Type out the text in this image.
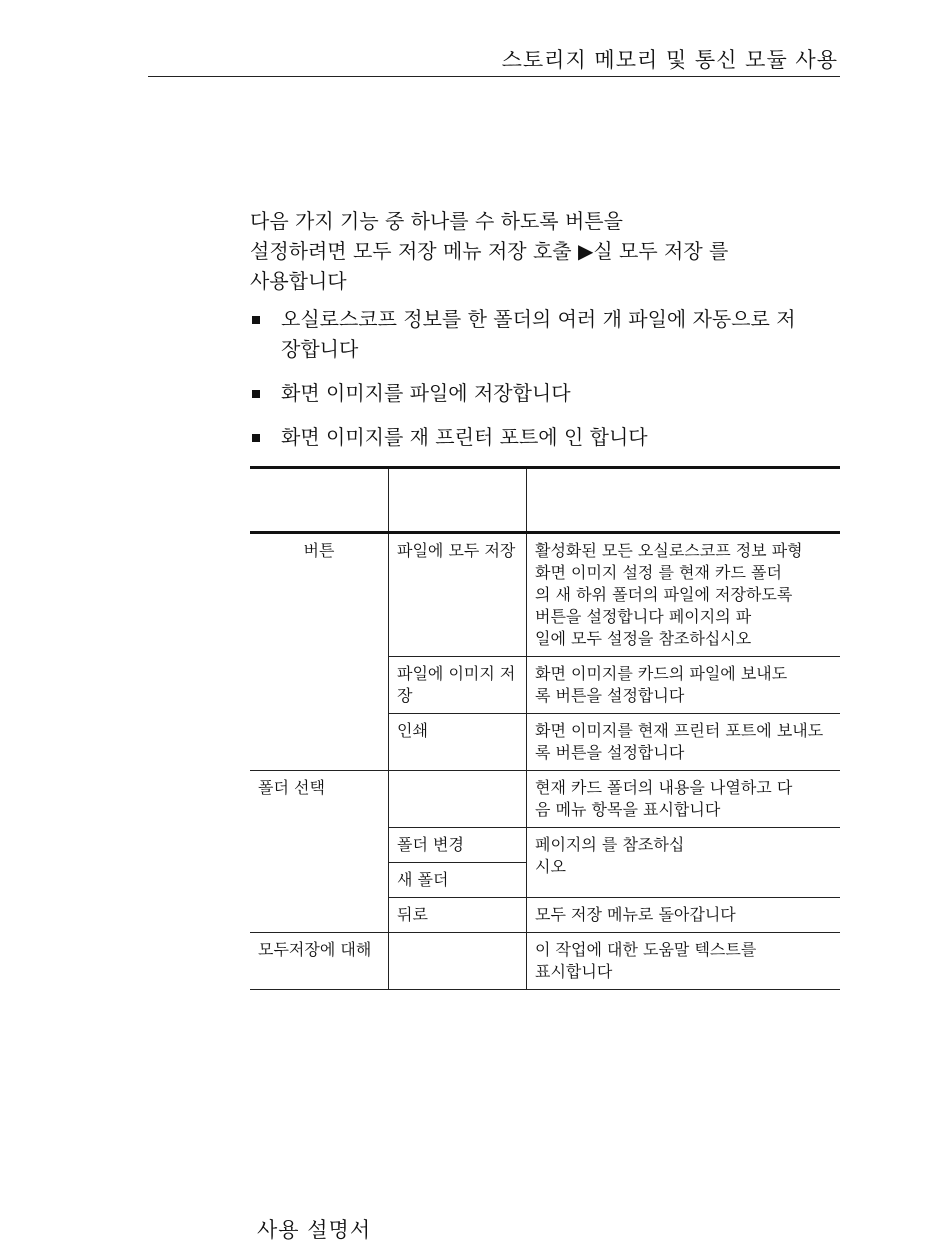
스토리지 메모리 및 통신 모듈 사용
다음 가지 기능 중 하나를 수 하도록 버튼을
설정하려면 모두 저장 메뉴 저장 호출 ▶실 모두 저장 를
사용합니다
오실로스코프 정보를 한 폴더의 여러 개 파일에 자동으로 저
장합니다
화면 이미지를 파일에 저장합니다
화면 이미지를 재 프린터 포트에 인 합니다

버튼	파일에 모두 저장	활성화된 모든 오실로스코프 정보 파형
화면 이미지 설정 를 현재 카드 폴더
의 새 하위 폴더의 파일에 저장하도록
버튼을 설정합니다 페이지의 파
일에 모두 설정을 참조하십시오

	파일에 이미지 저장	화면 이미지를 카드의 파일에 보내도
록 버튼을 설정합니다

	인쇄	화면 이미지를 현재 프린터 포트에 보내도
록 버튼을 설정합니다

폴더 선택		현재 카드 폴더의 내용을 나열하고 다
음 메뉴 항목을 표시합니다

	폴더 변경	페이지의 를 참조하십
시오

	새 폴더	
	뒤로	모두 저장 메뉴로 돌아갑니다

모두저장에 대해		이 작업에 대한 도움말 텍스트를
표시합니다
사용 설명서
